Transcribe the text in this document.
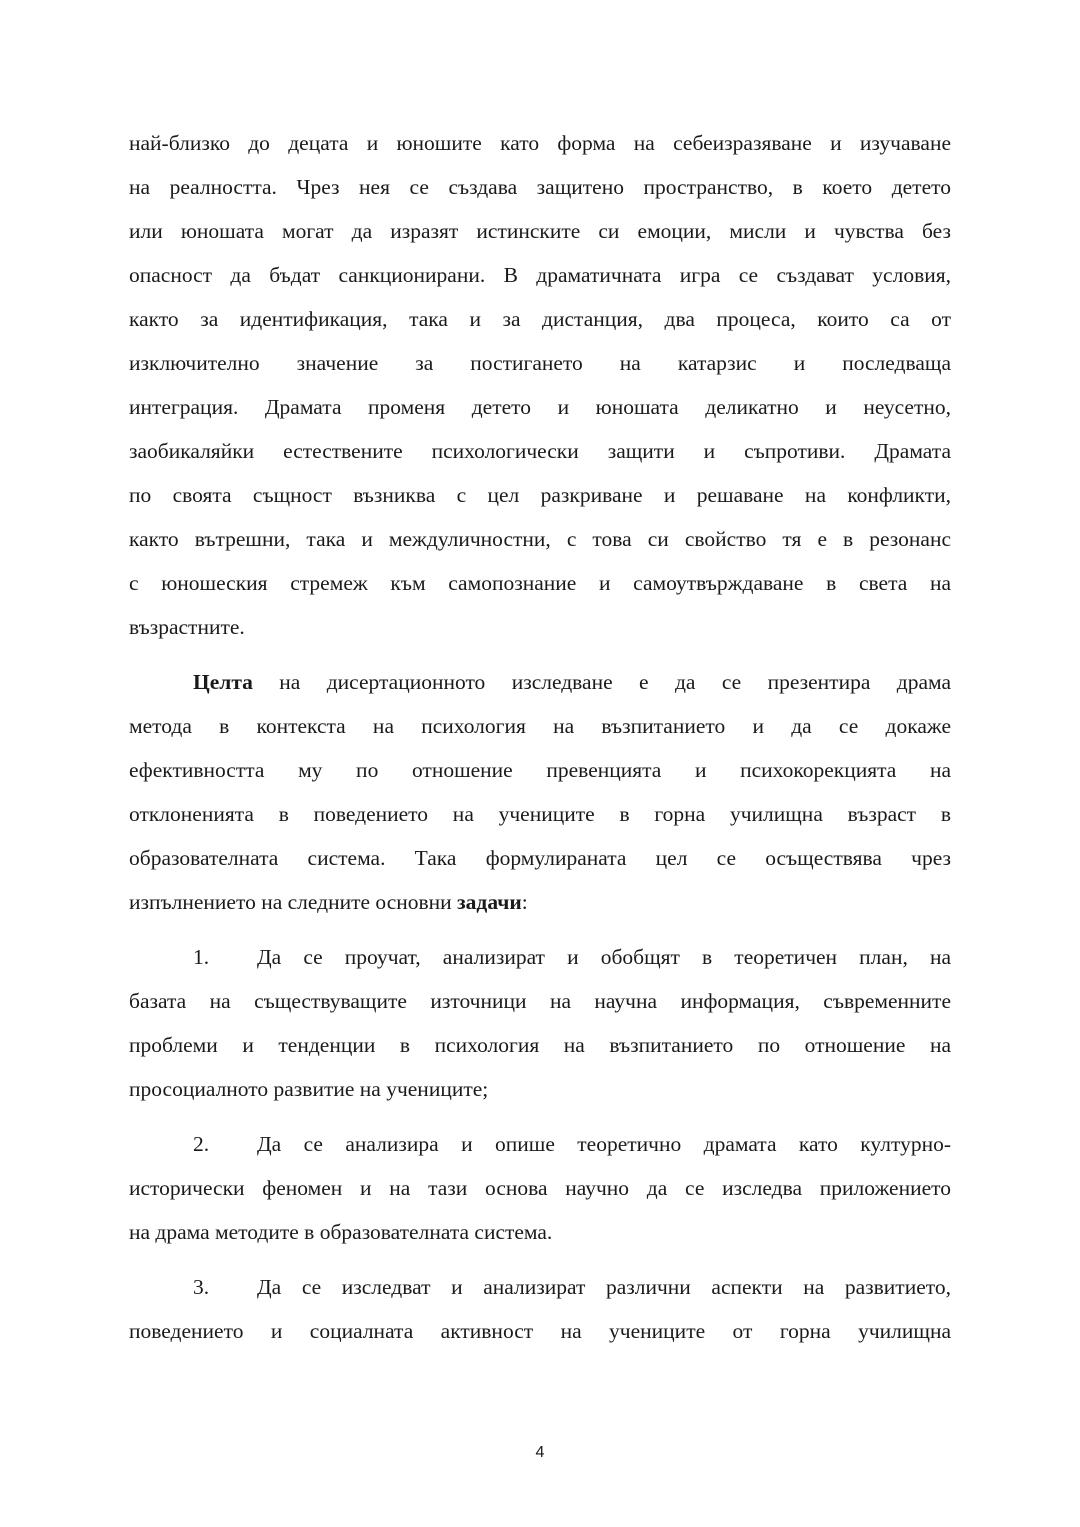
най-близко до децата и юношите като форма на себеизразяване и изучаване
на реалността. Чрез нея се създава защитено пространство, в което детето
или юношата могат да изразят истинските си емоции, мисли и чувства без
опасност да бъдат санкционирани. В драматичната игра се създават условия,
както за идентификация, така и за дистанция, два процеса, които са от
изключително значение за постигането на катарзис и последваща
интеграция. Драмата променя детето и юношата деликатно и неусетно,
заобикаляйки естествените психологически защити и съпротиви. Драмата
по своята същност възниква с цел разкриване и решаване на конфликти,
както вътрешни, така и междуличностни, с това си свойство тя е в резонанс
с юношеския стремеж към самопознание и самоутвърждаване в света на
възрастните.
Целта на дисертационното изследване е да се презентира драма
метода в контекста на психология на възпитанието и да се докаже
ефективността му по отношение превенцията и психокорекцията на
отклоненията в поведението на учениците в горна училищна възраст в
образователната система. Така формулираната цел се осъществява чрез
изпълнението на следните основни задачи:
1. Да се проучат, анализират и обобщят в теоретичен план, на
базата на съществуващите източници на научна информация, съвременните
проблеми и тенденции в психология на възпитанието по отношение на
просоциалното развитие на учениците;
2. Да се анализира и опише теоретично драмата като културно-
исторически феномен и на тази основа научно да се изследва приложението
на драма методите в образователната система.
3. Да се изследват и анализират различни аспекти на развитието,
поведението и социалната активност на учениците от горна училищна
4
